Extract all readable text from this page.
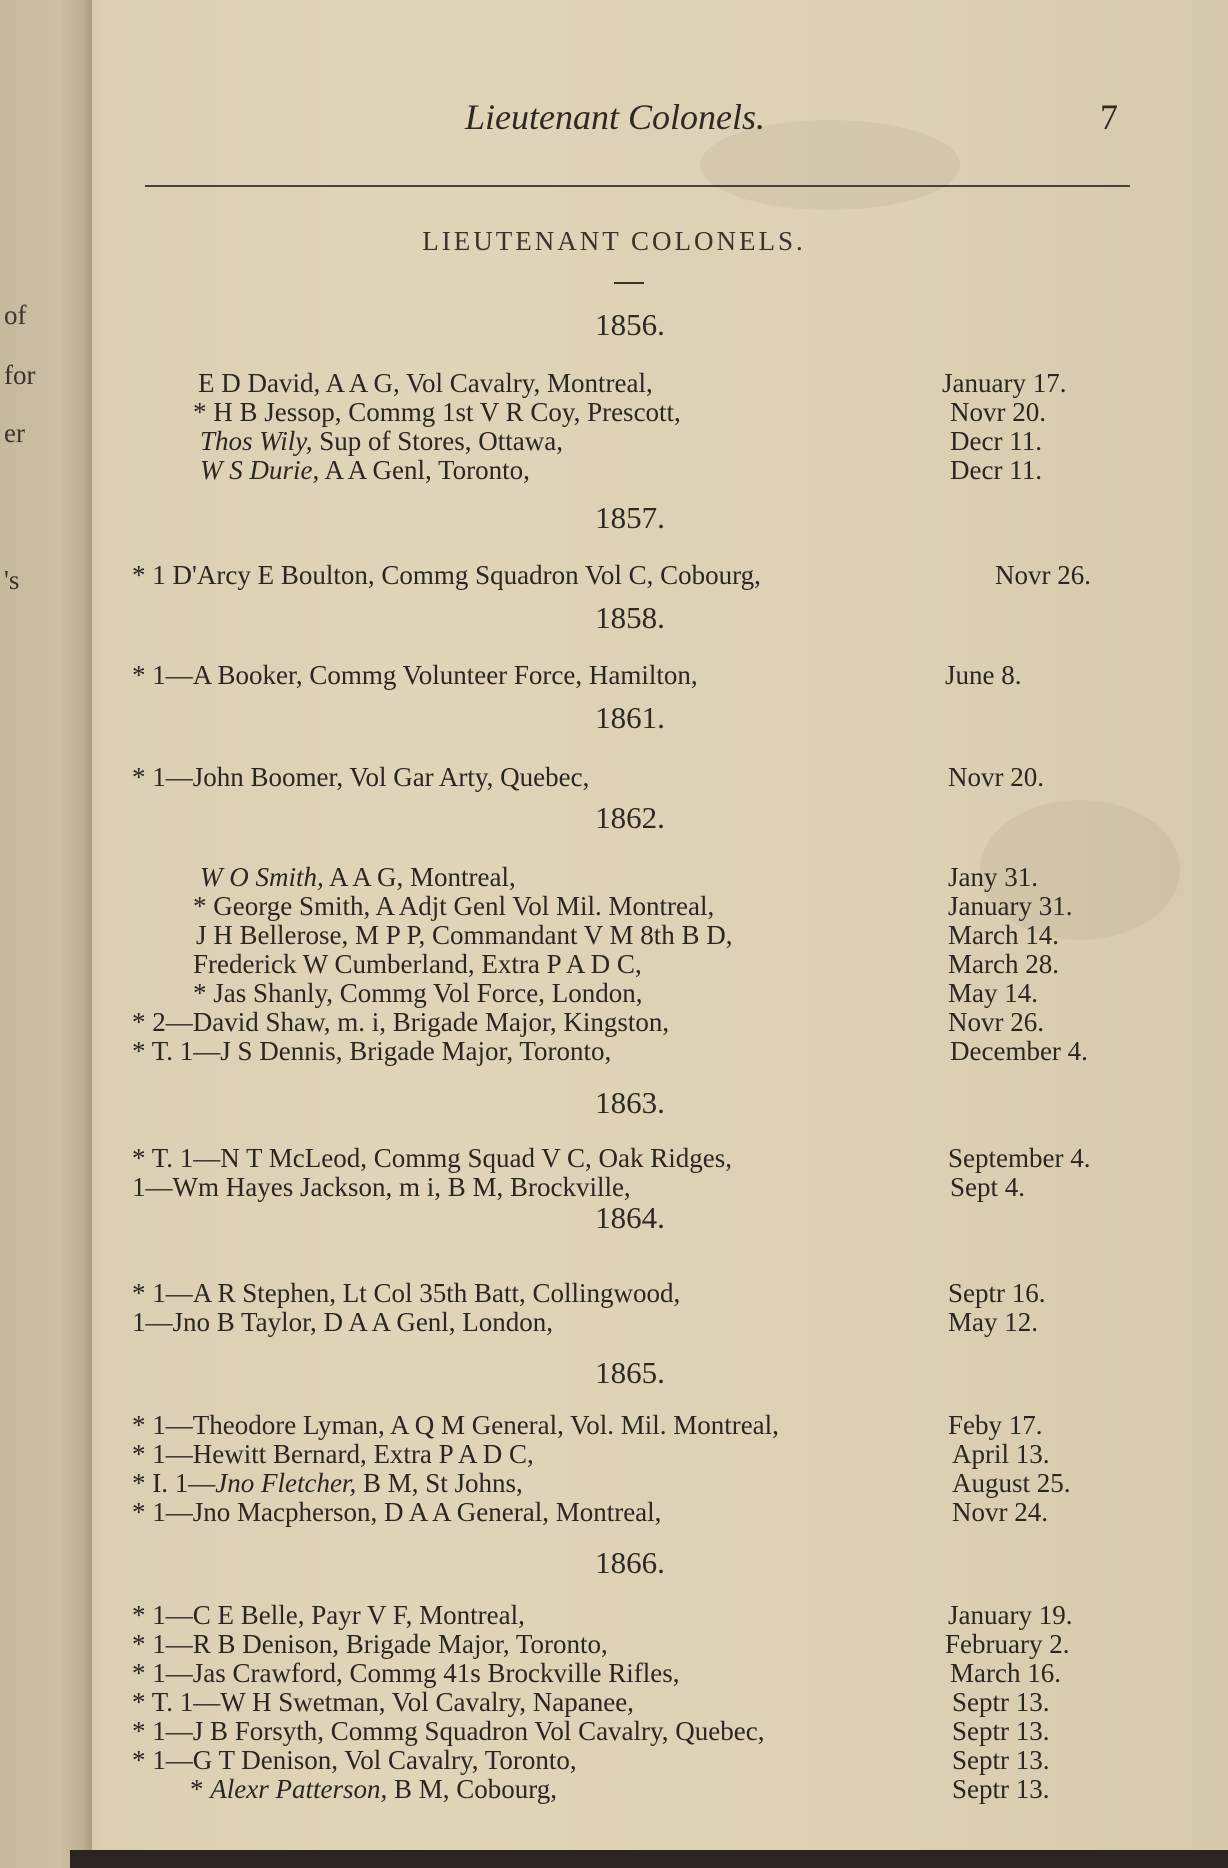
of
for
er
's
Lieutenant Colonels.	7
LIEUTENANT COLONELS.
1856.
E D David, A A G, Vol Cavalry, Montreal,	January 17.
* H B Jessop, Commg 1st V R Coy, Prescott,	Novr 20.
Thos Wily, Sup of Stores, Ottawa,	Decr 11.
W S Durie, A A Genl, Toronto,	Decr 11.
1857.
* 1 D'Arcy E Boulton, Commg Squadron Vol C, Cobourg,	Novr 26.
1858.
* 1—A Booker, Commg Volunteer Force, Hamilton,	June 8.
1861.
* 1—John Boomer, Vol Gar Arty, Quebec,	Novr 20.
1862.
W O Smith, A A G, Montreal,	Jany 31.
* George Smith, A Adjt Genl Vol Mil. Montreal,	January 31.
J H Bellerose, M P P, Commandant V M 8th B D,	March 14.
Frederick W Cumberland, Extra P A D C,	March 28.
* Jas Shanly, Commg Vol Force, London,	May 14.
* 2—David Shaw, m. i, Brigade Major, Kingston,	Novr 26.
* T. 1—J S Dennis, Brigade Major, Toronto,	December 4.
1863.
* T. 1—N T McLeod, Commg Squad V C, Oak Ridges,	September 4.
1—Wm Hayes Jackson, m i, B M, Brockville,	Sept 4.
1864.
* 1—A R Stephen, Lt Col 35th Batt, Collingwood,	Septr 16.
1—Jno B Taylor, D A A Genl, London,	May 12.
1865.
* 1—Theodore Lyman, A Q M General, Vol. Mil. Montreal,	Feby 17.
* 1—Hewitt Bernard, Extra P A D C,	April 13.
* I. 1—Jno Fletcher, B M, St Johns,	August 25.
* 1—Jno Macpherson, D A A General, Montreal,	Novr 24.
1866.
* 1—C E Belle, Payr V F, Montreal,	January 19.
* 1—R B Denison, Brigade Major, Toronto,	February 2.
* 1—Jas Crawford, Commg 41s Brockville Rifles,	March 16.
* T. 1—W H Swetman, Vol Cavalry, Napanee,	Septr 13.
* 1—J B Forsyth, Commg Squadron Vol Cavalry, Quebec,	Septr 13.
* 1—G T Denison, Vol Cavalry, Toronto,	Septr 13.
* Alexr Patterson, B M, Cobourg,	Septr 13.
